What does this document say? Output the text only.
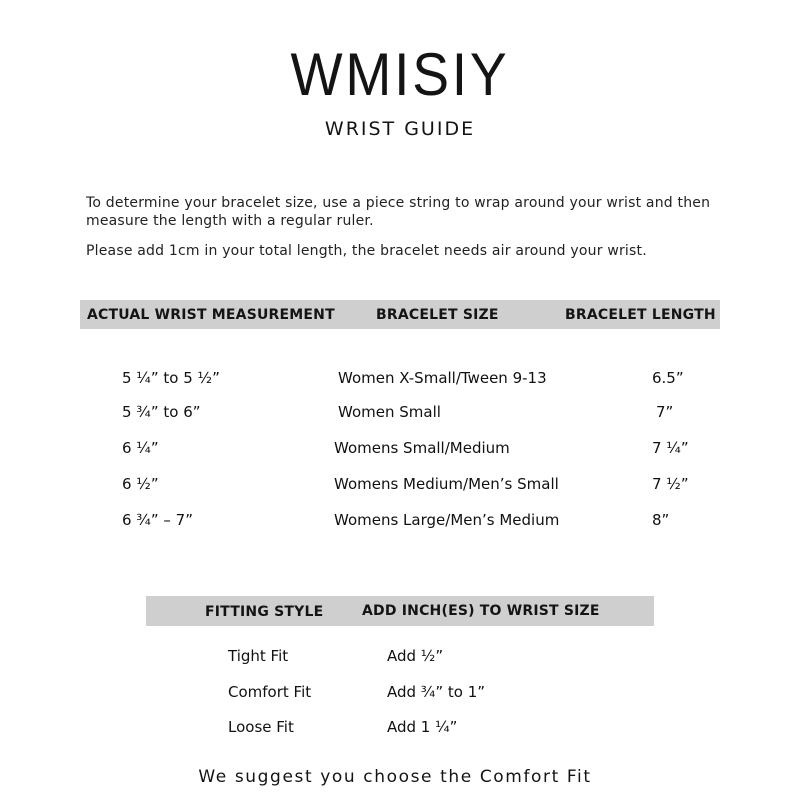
WMISIY
WRIST GUIDE
To determine your bracelet size, use a piece string to wrap around your wrist and then measure the length with a regular ruler.
Please add 1cm in your total length, the bracelet needs air around your wrist.
ACTUAL WRIST MEASUREMENT	BRACELET SIZE	BRACELET LENGTH
5 ¼” to 5 ½”	Women X-Small/Tween 9-13	6.5”
5 ¾” to 6”	Women Small	7”
6 ¼”	Womens Small/Medium	7 ¼”
6 ½”	Womens Medium/Men’s Small	7 ½”
6 ¾” – 7”	Womens Large/Men’s Medium	8”
FITTING STYLE	ADD INCH(ES) TO WRIST SIZE
Tight Fit	Add ½”
Comfort Fit	Add ¾” to 1”
Loose Fit	Add 1 ¼”
We suggest you choose the Comfort Fit
